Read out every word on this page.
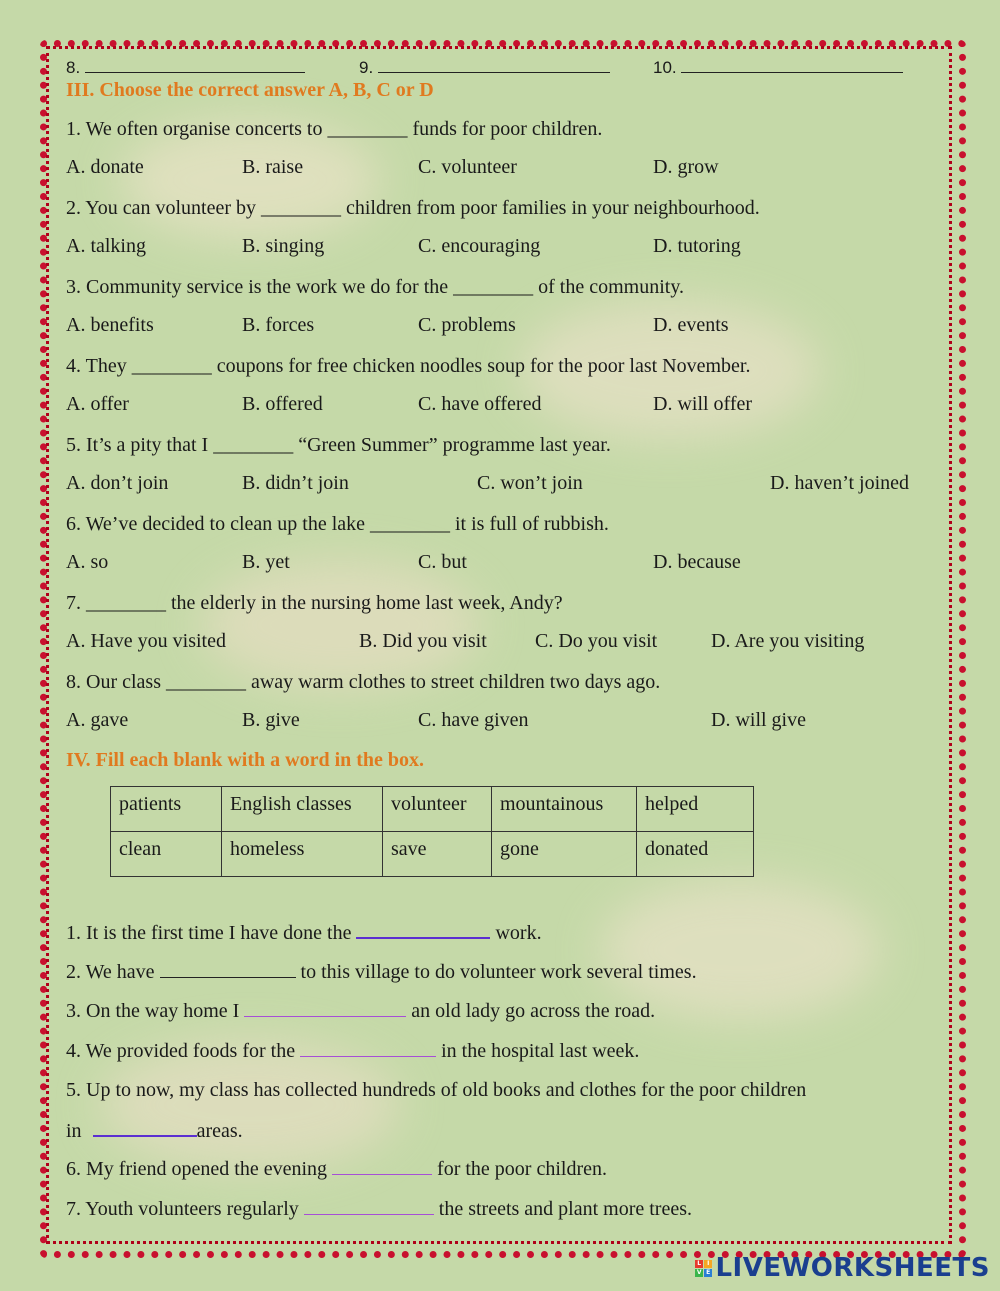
8.	9.	10.
III. Choose the correct answer A, B, C or D
1. We often organise concerts to ________ funds for poor children.
A. donate	B. raise	C. volunteer	D. grow
2. You can volunteer by ________ children from poor families in your neighbourhood.
A. talking	B. singing	C. encouraging	D. tutoring
3. Community service is the work we do for the ________ of the community.
A. benefits	B. forces	C. problems	D. events
4. They ________ coupons for free chicken noodles soup for the poor last November.
A. offer	B. offered	C. have offered	D. will offer
5. It’s a pity that I ________ “Green Summer” programme last year.
A. don’t join	B. didn’t join	C. won’t join	D. haven’t joined
6. We’ve decided to clean up the lake ________ it is full of rubbish.
A. so	B. yet	C. but	D. because
7. ________ the elderly in the nursing home last week, Andy?
A. Have you visited	B. Did you visit C. Do you visit	D. Are you visiting
8. Our class ________ away warm clothes to street children two days ago.
A. gave	B. give	C. have given	D. will give
IV. Fill each blank with a word in the box.
patients	English classes	volunteer	mountainous	helped
clean	homeless	save	gone	donated
1. It is the first time I have done the	work.
2. We have	to this village to do volunteer work several times.
3. On the way home I	an old lady go across the road.
4. We provided foods for the	in the hospital last week.
5. Up to now, my class has collected hundreds of old books and clothes for the poor children
in	areas.
6. My friend opened the evening	for the poor children.
7. Youth volunteers regularly	the streets and plant more trees.
L I
V E LIVEWORKSHEETS
